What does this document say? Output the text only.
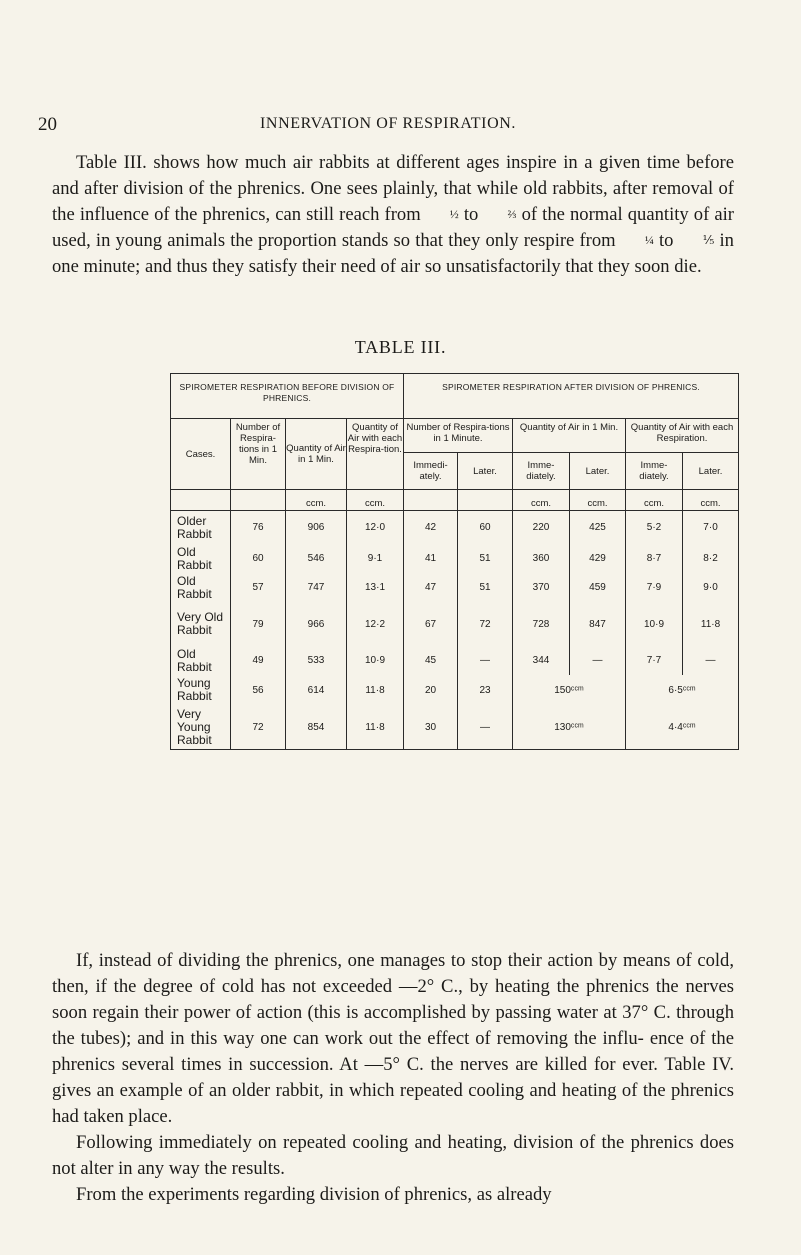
20	INNERVATION OF RESPIRATION.

Table III. shows how much air rabbits at different ages inspire in a given time before and after division of the phrenics. One sees plainly, that while old rabbits, after removal of the influence of the phrenics, can still reach from ½ to ⅔ of the normal quantity of air used, in young animals the proportion stands so that they only respire from ¼ to ⅕ in one minute; and thus they satisfy their need of air so unsatisfactorily that they soon die.

TABLE III.
SPIROMETER RESPIRATION BEFORE DIVISION OF PHRENICS.				SPIROMETER RESPIRATION AFTER DIVISION OF PHRENICS.					
Cases.	Number of Respira-tions in 1 Min.	Quantity of Air in 1 Min.	Quantity of Air with each Respira-tion.	Number of Respira-tions in 1 Minute.		Quantity of Air in 1 Min.		Quantity of Air with each Respiration.	
				Immedi-ately.	Later.	Imme-diately.	Later.	Imme-diately.	Later.
		ccm.	ccm.			ccm.	ccm.	ccm.	ccm.
Older Rabbit	76	906	12·0	42	60	220	425	5·2	7·0
Old Rabbit	60	546	9·1	41	51	360	429	8·7	8·2
Old Rabbit	57	747	13·1	47	51	370	459	7·9	9·0
Very Old Rabbit	79	966	12·2	67	72	728	847	10·9	11·8
Old Rabbit	49	533	10·9	45	—	344	—	7·7	—
Young Rabbit	56	614	11·8	20	23	150ᶜᶜᵐ		6·5ᶜᶜᵐ	
Very Young Rabbit	72	854	11·8	30	—	130ᶜᶜᵐ		4·4ᶜᶜᵐ	

If, instead of dividing the phrenics, one manages to stop their action by means of cold, then, if the degree of cold has not exceeded —2° C., by heating the phrenics the nerves soon regain their power of action (this is accomplished by passing water at 37° C. through the tubes); and in this way one can work out the effect of removing the influ- ence of the phrenics several times in succession. At —5° C. the nerves are killed for ever. Table IV. gives an example of an older rabbit, in which repeated cooling and heating of the phrenics had taken place.

Following immediately on repeated cooling and heating, division of the phrenics does not alter in any way the results.

From the experiments regarding division of phrenics, as already
